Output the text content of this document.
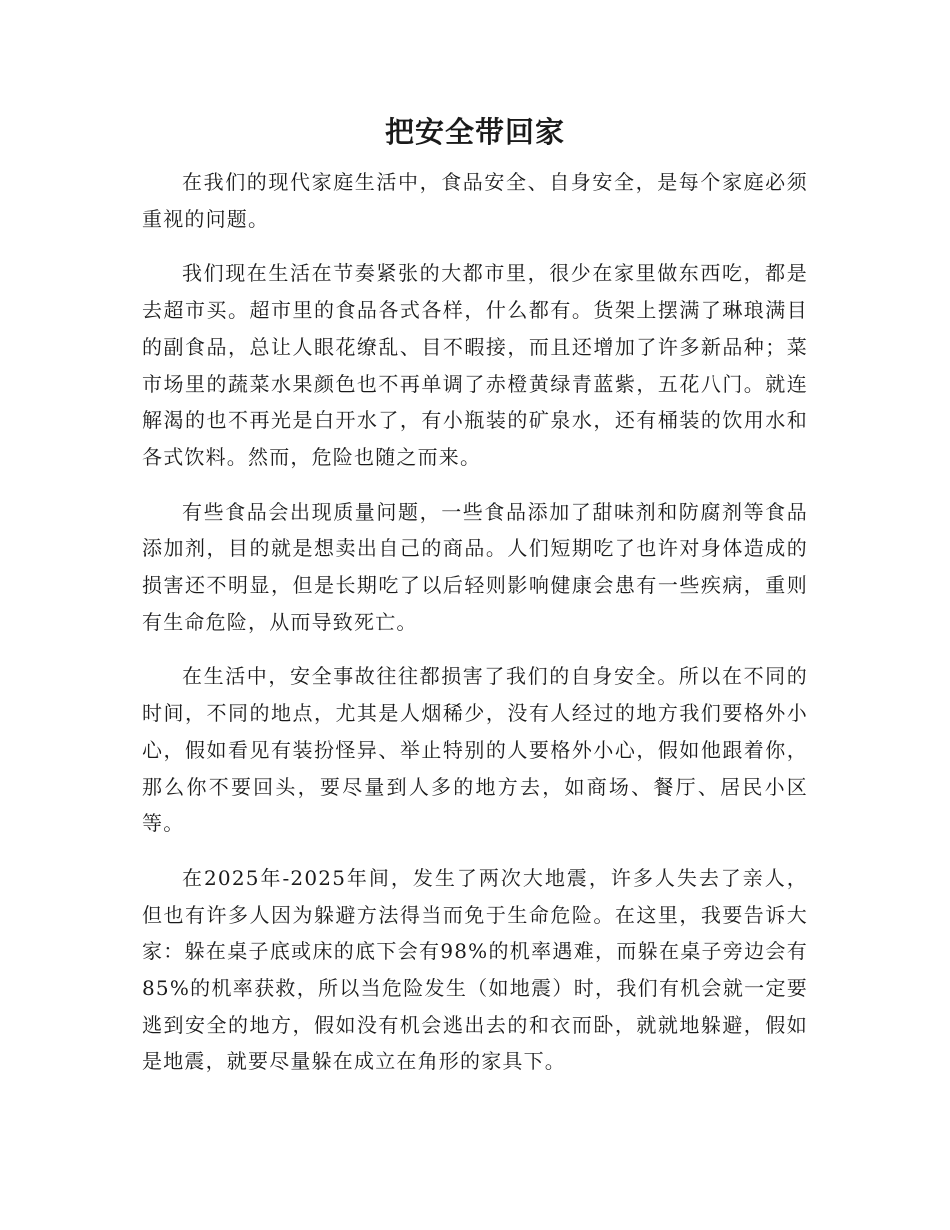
把安全带回家

在我们的现代家庭生活中，食品安全、自身安全，是每个家庭必须重视的问题。

我们现在生活在节奏紧张的大都市里，很少在家里做东西吃，都是去超市买。超市里的食品各式各样，什么都有。货架上摆满了琳琅满目的副食品，总让人眼花缭乱、目不暇接，而且还增加了许多新品种；菜市场里的蔬菜水果颜色也不再单调了赤橙黄绿青蓝紫，五花八门。就连解渴的也不再光是白开水了，有小瓶装的矿泉水，还有桶装的饮用水和各式饮料。然而，危险也随之而来。

有些食品会出现质量问题，一些食品添加了甜味剂和防腐剂等食品添加剂，目的就是想卖出自己的商品。人们短期吃了也许对身体造成的损害还不明显，但是长期吃了以后轻则影响健康会患有一些疾病，重则有生命危险，从而导致死亡。

在生活中，安全事故往往都损害了我们的自身安全。所以在不同的时间，不同的地点，尤其是人烟稀少，没有人经过的地方我们要格外小心，假如看见有装扮怪异、举止特别的人要格外小心，假如他跟着你，那么你不要回头，要尽量到人多的地方去，如商场、餐厅、居民小区等。

在2025年-2025年间，发生了两次大地震，许多人失去了亲人，但也有许多人因为躲避方法得当而免于生命危险。在这里，我要告诉大家：躲在桌子底或床的底下会有98%的机率遇难，而躲在桌子旁边会有85%的机率获救，所以当危险发生（如地震）时，我们有机会就一定要逃到安全的地方，假如没有机会逃出去的和衣而卧，就就地躲避，假如是地震，就要尽量躲在成立在角形的家具下。
